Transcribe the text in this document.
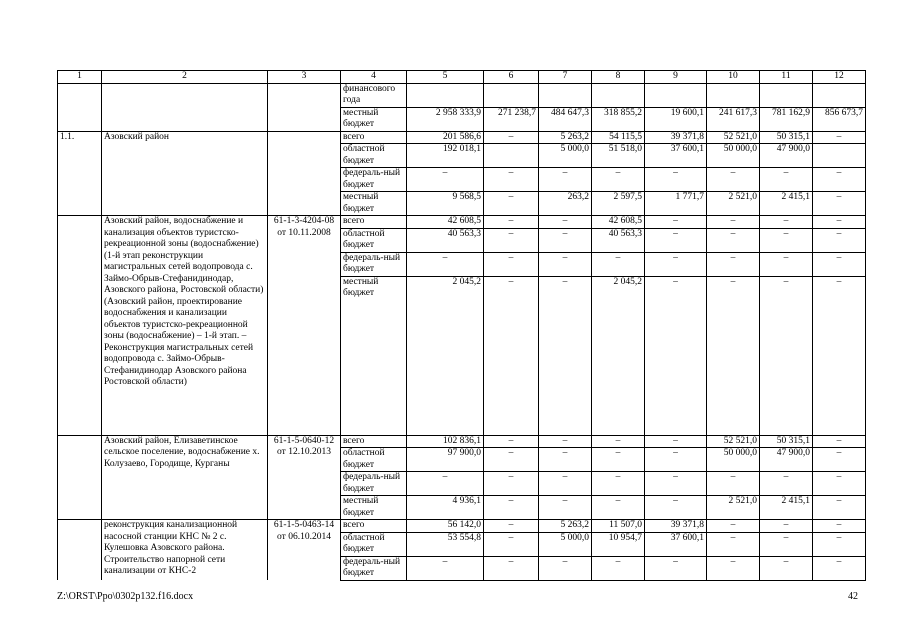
1	2	3	4	5	6	7	8	9	10	11	12
			финансового года								
			местный бюджет	2 958 333,9	271 238,7	484 647,3	318 855,2	19 600,1	241 617,3	781 162,9	856 673,7
1.1.	Азовский район		всего	201 586,6	–	5 263,2	54 115,5	39 371,8	52 521,0	50 315,1	–
			областной бюджет	192 018,1		5 000,0	51 518,0	37 600,1	50 000,0	47 900,0	
			федераль-ный бюджет	–	–	–	–	–	–	–	–
			местный бюджет	9 568,5	–	263,2	2 597,5	1 771,7	2 521,0	2 415,1	–
	Азовский район, водоснабжение и канализация объектов туристско-рекреационной зоны (водоснабжение) (1-й этап реконструкции магистральных сетей водопровода с. Займо-Обрыв-Стефанидинодар, Азовского района, Ростовской области) (Азовский район, проектирование водоснабжения и канализации объектов туристско-рекреационной зоны (водоснабжение) – 1-й этап. – Реконструкция магистральных сетей водопровода с. Займо-Обрыв-Стефанидинодар Азовского района Ростовской области)	61-1-3-4204-08 от 10.11.2008	всего	42 608,5	–	–	42 608,5	–	–	–	–
			областной бюджет	40 563,3	–	–	40 563,3	–	–	–	–
			федераль-ный бюджет	–	–	–	–	–	–	–	–
			местный бюджет	2 045,2	–	–	2 045,2	–	–	–	–
	Азовский район, Елизаветинское сельское поселение, водоснабжение х. Колузаево, Городище, Курганы	61-1-5-0640-12 от 12.10.2013	всего	102 836,1	–	–	–	–	52 521,0	50 315,1	–
			областной бюджет	97 900,0	–	–	–	–	50 000,0	47 900,0	–
			федераль-ный бюджет	–	–	–	–	–	–	–	–
			местный бюджет	4 936,1	–	–	–	–	2 521,0	2 415,1	–
	реконструкция канализационной насосной станции КНС № 2 с. Кулешовка Азовского района. Строительство напорной сети канализации от КНС-2	61-1-5-0463-14 от 06.10.2014	всего	56 142,0	–	5 263,2	11 507,0	39 371,8	–	–	–
			областной бюджет	53 554,8	–	5 000,0	10 954,7	37 600,1	–	–	–
			федераль-ный бюджет	–	–	–	–	–	–	–	–
Z:\ORST\Ppo\0302p132.f16.docx	42
